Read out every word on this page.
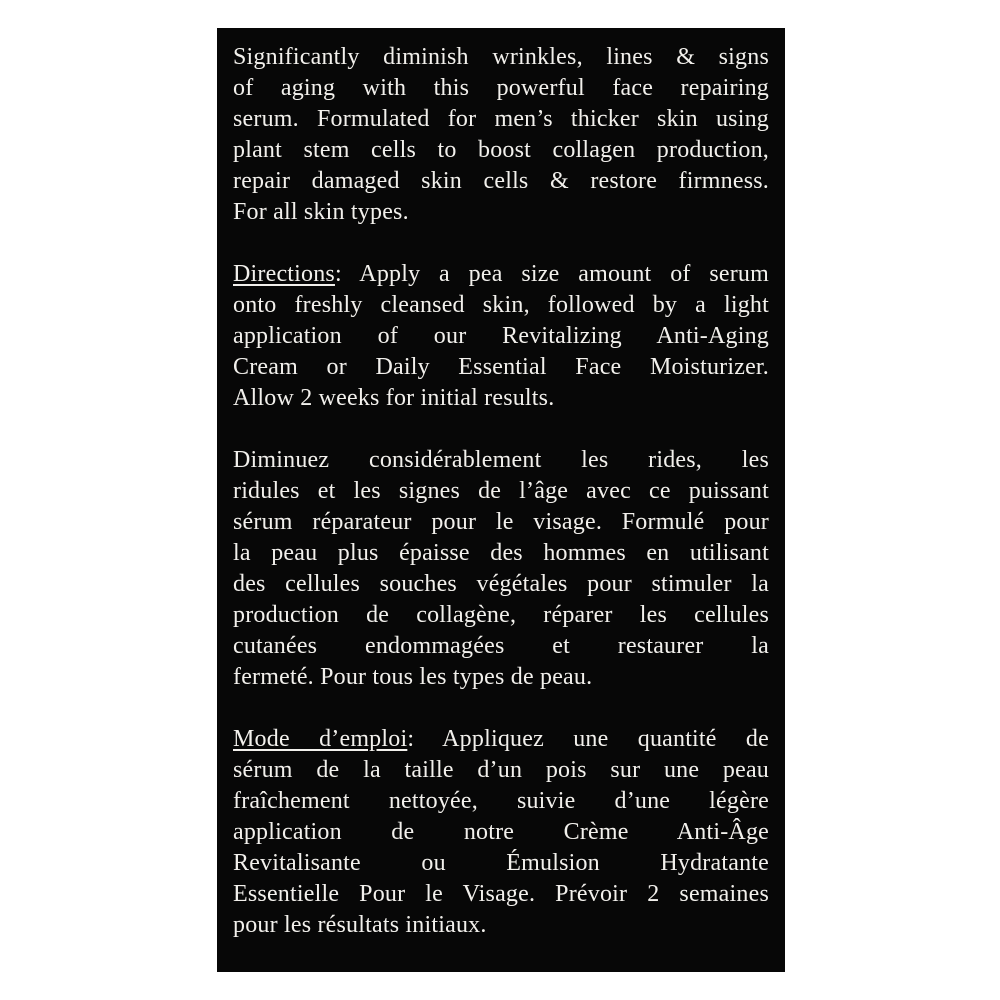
Significantly diminish wrinkles, lines & signs
of aging with this powerful face repairing
serum. Formulated for men’s thicker skin using
plant stem cells to boost collagen production,
repair damaged skin cells & restore firmness.
For all skin types.

Directions: Apply a pea size amount of serum
onto freshly cleansed skin, followed by a light
application of our Revitalizing Anti-Aging
Cream or Daily Essential Face Moisturizer.
Allow 2 weeks for initial results.

Diminuez considérablement les rides, les
ridules et les signes de l’âge avec ce puissant
sérum réparateur pour le visage. Formulé pour
la peau plus épaisse des hommes en utilisant
des cellules souches végétales pour stimuler la
production de collagène, réparer les cellules
cutanées endommagées et restaurer la
fermeté. Pour tous les types de peau.

Mode d’emploi: Appliquez une quantité de
sérum de la taille d’un pois sur une peau
fraîchement nettoyée, suivie d’une légère
application de notre Crème Anti-Âge
Revitalisante ou Émulsion Hydratante
Essentielle Pour le Visage. Prévoir 2 semaines
pour les résultats initiaux.
